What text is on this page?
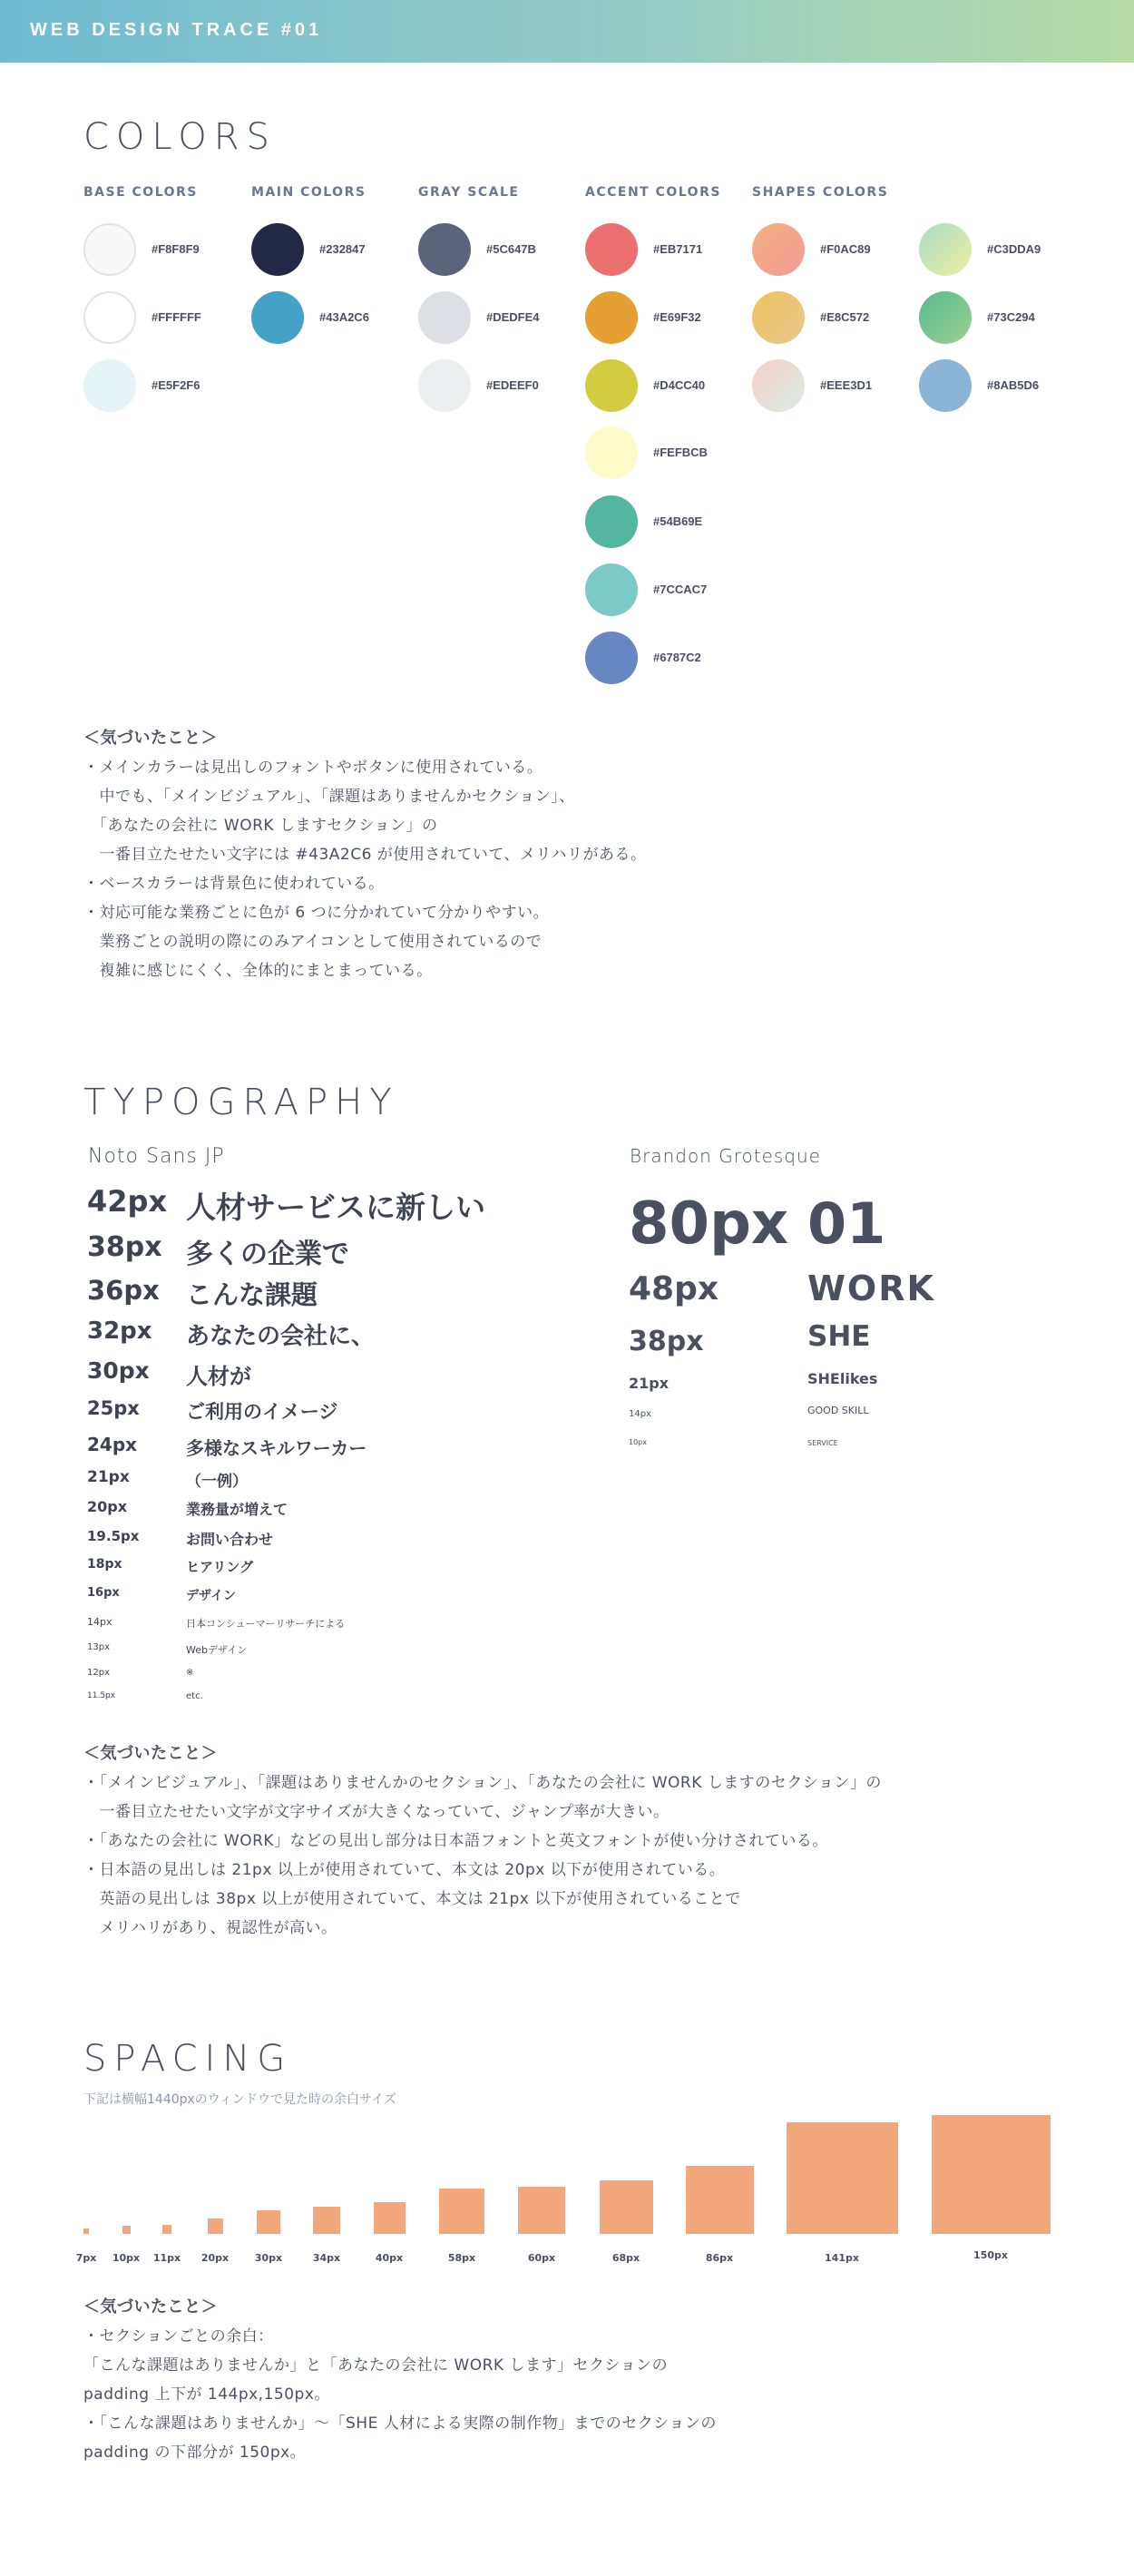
WEB DESIGN TRACE #01
COLORS
BASE COLORS
#F8F8F9
#FFFFFF
#E5F2F6
MAIN COLORS
#232847
#43A2C6
GRAY SCALE
#5C647B
#DEDFE4
#EDEEF0
ACCENT COLORS
#EB7171
#E69F32
#D4CC40
#FEFBCB
#54B69E
#7CCAC7
#6787C2
SHAPES COLORS
#F0AC89
#E8C572
#EEE3D1
#C3DDA9
#73C294
#8AB5D6

＜気づいたこと＞

・メインカラーは見出しのフォントやボタンに使用されている。

　中でも、「メインビジュアル」、「課題はありませんかセクション」、

　「あなたの会社に WORK しますセクション」の

　一番目立たせたい文字には #43A2C6 が使用されていて、メリハリがある。

・ベースカラーは背景色に使われている。

・対応可能な業務ごとに色が 6 つに分かれていて分かりやすい。

　業務ごとの説明の際にのみアイコンとして使用されているので

　複雑に感じにくく、全体的にまとまっている。

TYPOGRAPHY
Noto Sans JP	Brandon Grotesque
42px 人材サービスに新しい
38px 多くの企業で
36px こんな課題
32px あなたの会社に、
30px 人材が
25px ご利用のイメージ
24px	多様なスキルワーカー
21px	（一例）
20px	業務量が増えて
19.5px	お問い合わせ
18px	ヒアリング
16px	デザイン
14px	日本コンシューマーリサーチによる
13px	Webデザイン
12px	※
11.5px	etc.
80px 01
48px	WORK
38px	SHE
21px	SHElikes
14px	GOOD SKILL
10px	SERVICE

＜気づいたこと＞

・「メインビジュアル」、「課題はありませんかのセクション」、「あなたの会社に WORK しますのセクション」の

　一番目立たせたい文字が文字サイズが大きくなっていて、ジャンプ率が大きい。

・「あなたの会社に WORK」などの見出し部分は日本語フォントと英文フォントが使い分けされている。

・日本語の見出しは 21px 以上が使用されていて、本文は 20px 以下が使用されている。

　英語の見出しは 38px 以上が使用されていて、本文は 21px 以下が使用されていることで

　メリハリがあり、視認性が高い。

SPACING
下記は横幅1440pxのウィンドウで見た時の余白サイズ
7px	10px	11px	20px	30px	34px	40px	58px	60px	68px	86px	141px	150px

＜気づいたこと＞

・セクションごとの余白：

「こんな課題はありませんか」と「あなたの会社に WORK します」セクションの

padding 上下が 144px,150px。

・「こんな課題はありませんか」〜「SHE 人材による実際の制作物」までのセクションの

padding の下部分が 150px。
